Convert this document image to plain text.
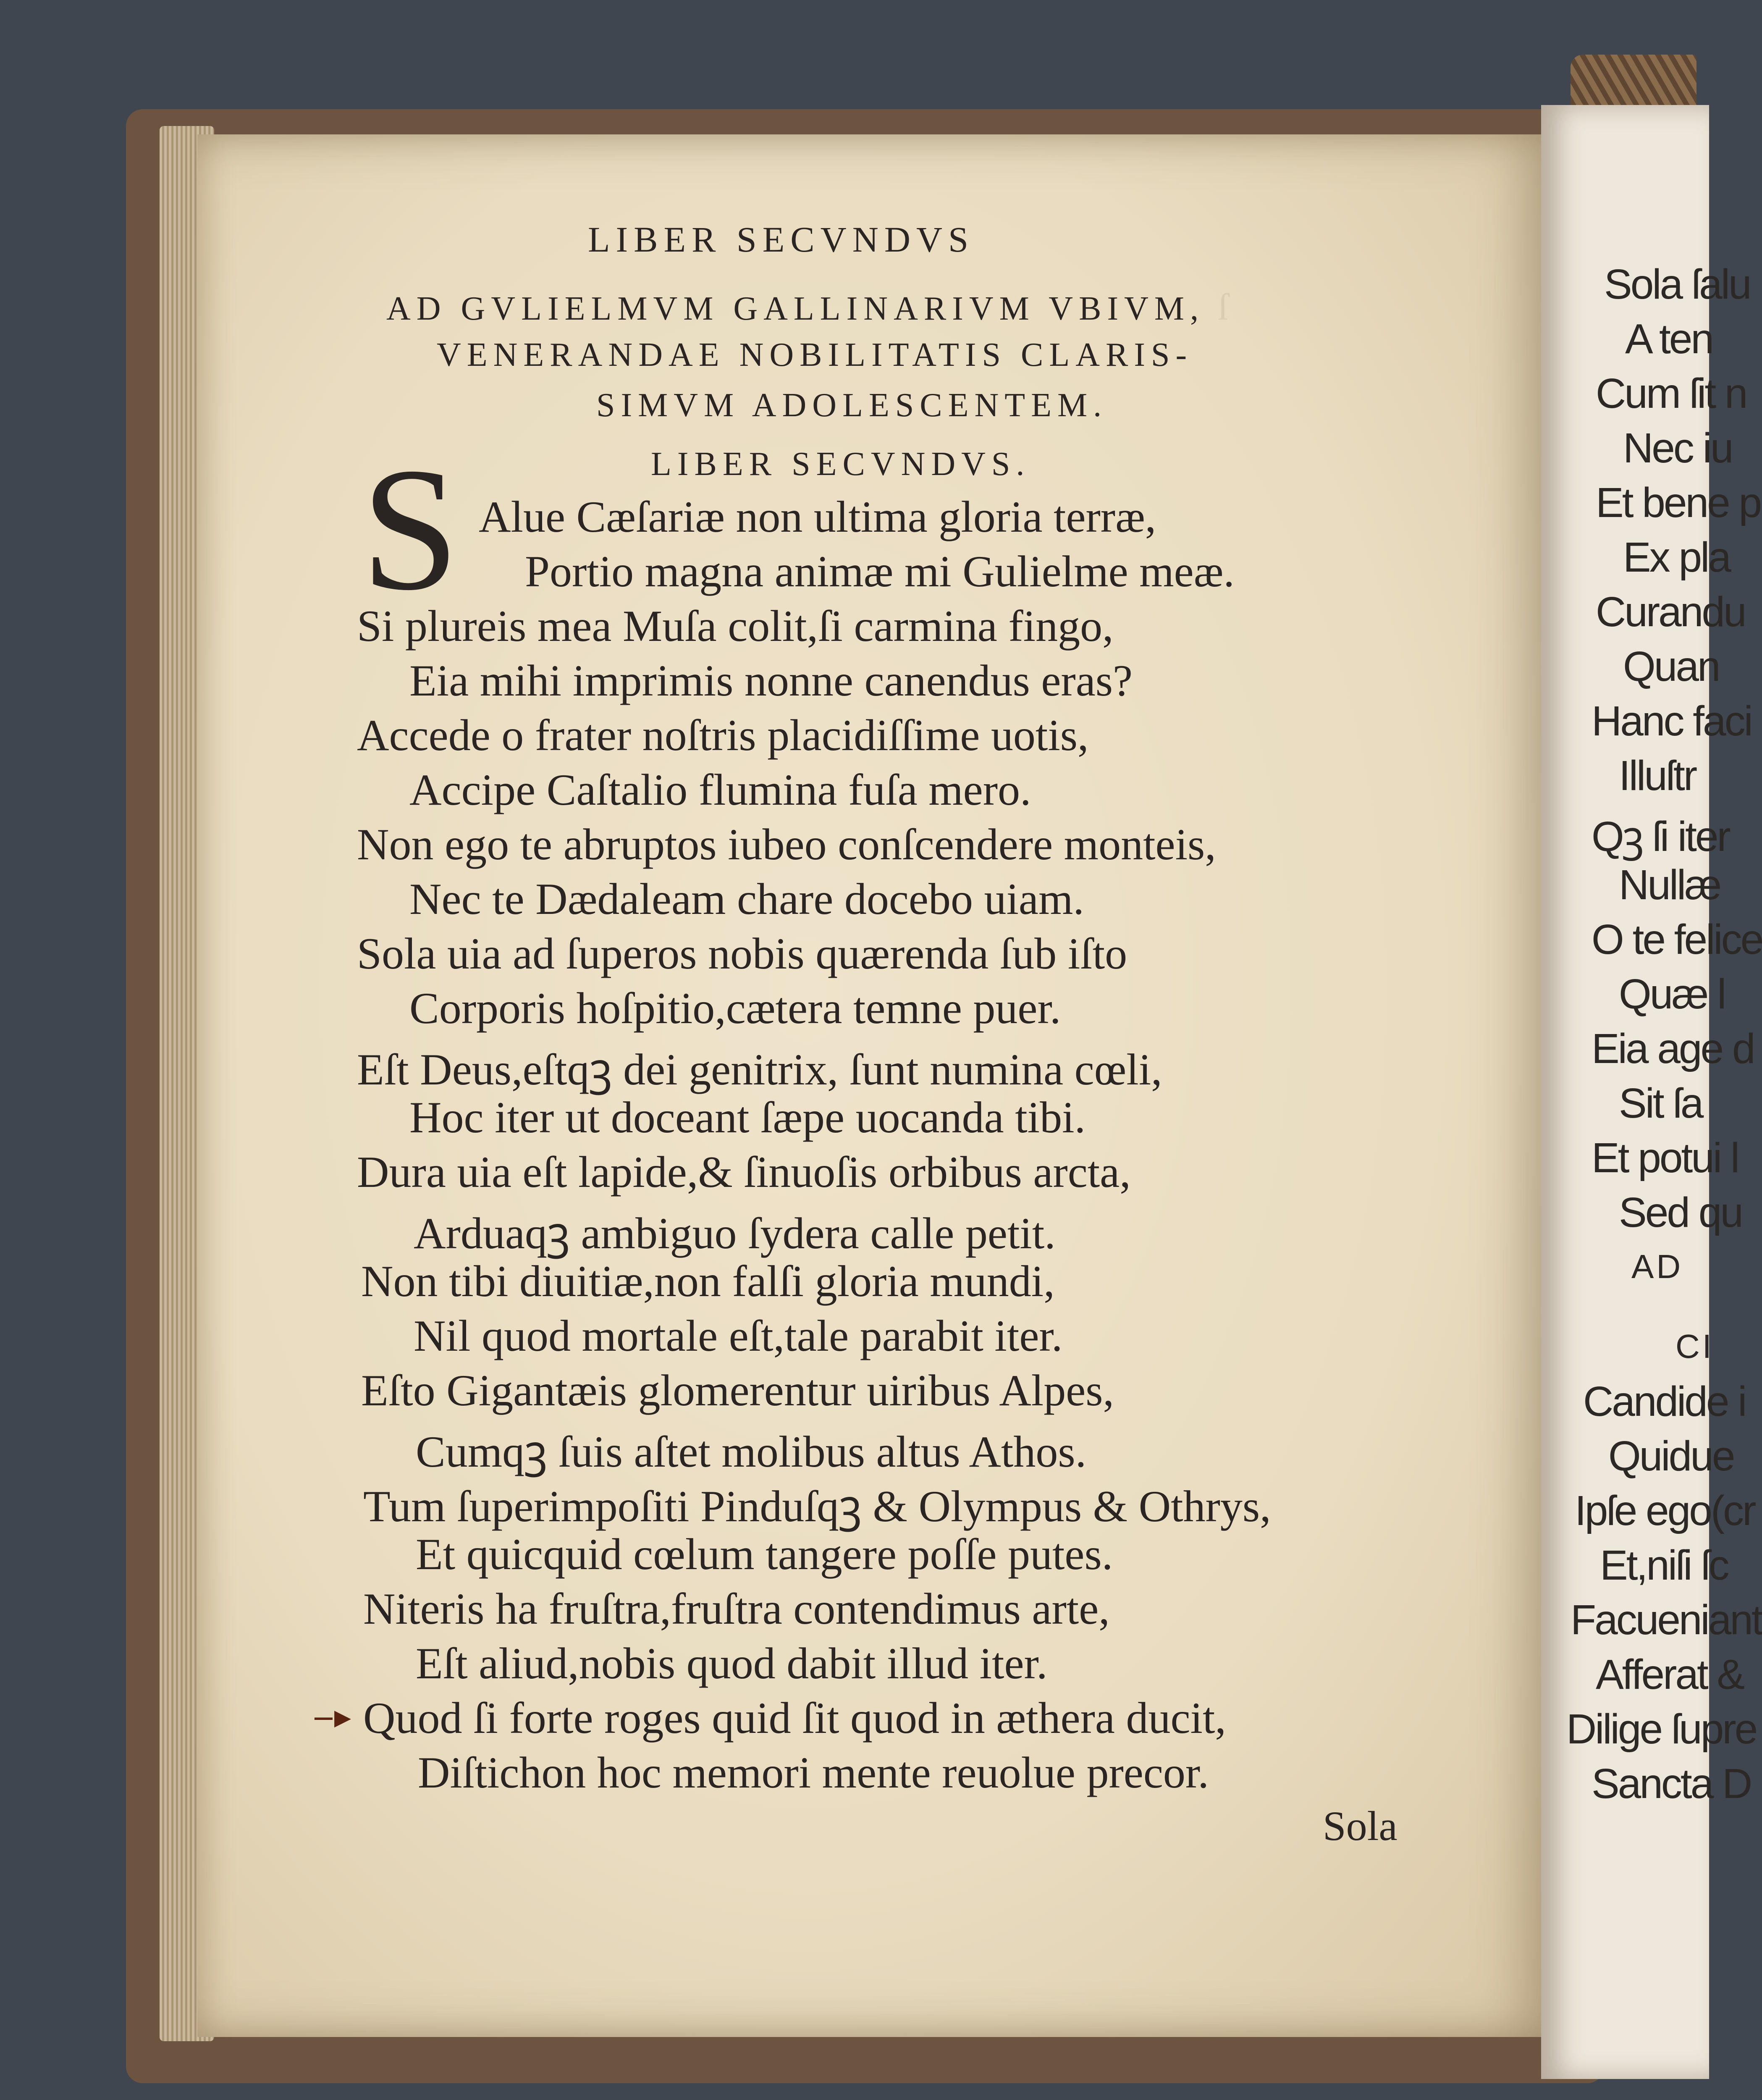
ſ
LIBER SECVNDVS
AD GVLIELMVM GALLINARIVM VBIVM,
VENERANDAE NOBILITATIS CLARIS-
SIMVM ADOLESCENTEM.
LIBER SECVNDVS.
S Alue Cæſariæ non ultima gloria terræ,
Portio magna animæ mi Gulielme meæ.
Si plureis mea Muſa colit,ſi carmina fingo,
Eia mihi imprimis nonne canendus eras?
Accede o frater noſtris placidiſſime uotis,
Accipe Caſtalio flumina fuſa mero.
Non ego te abruptos iubeo conſcendere monteis,
Nec te Dædaleam chare docebo uiam.
Sola uia ad ſuperos nobis quærenda ſub iſto
Corporis hoſpitio,cætera temne puer.
Eſt Deus,eſtqꝫ dei genitrix, ſunt numina cœli,
Hoc iter ut doceant ſæpe uocanda tibi.
Dura uia eſt lapide,& ſinuoſis orbibus arcta,
Arduaqꝫ ambiguo ſydera calle petit.
Non tibi diuitiæ,non falſi gloria mundi,
Nil quod mortale eſt,tale parabit iter.
Eſto Gigantæis glomerentur uiribus Alpes,
Cumqꝫ ſuis aſtet molibus altus Athos.
Tum ſuperimpoſiti Pinduſqꝫ & Olympus & Othrys,
Et quicquid cœlum tangere poſſe putes.
Niteris ha fruſtra,fruſtra contendimus arte,
Eſt aliud,nobis quod dabit illud iter.
‒▸ Quod ſi forte roges quid ſit quod in æthera ducit,
Diſtichon hoc memori mente reuolue precor.
Sola
Sola ſalu
A ten
Cum ſit n
Nec iu
Et bene p
Ex pla
Curandu
Quan
Hanc faci
Illuſtr
Qꝫ ſi iter
Nullæ
O te felice
Quæ l
Eia age d
Sit ſa
Et potui l
Sed qu
AD
CI
Candide i
Quidue
Ipſe ego(cr
Et,niſi ſc
Facueniant
Afferat &
Dilige ſupre
Sancta D
